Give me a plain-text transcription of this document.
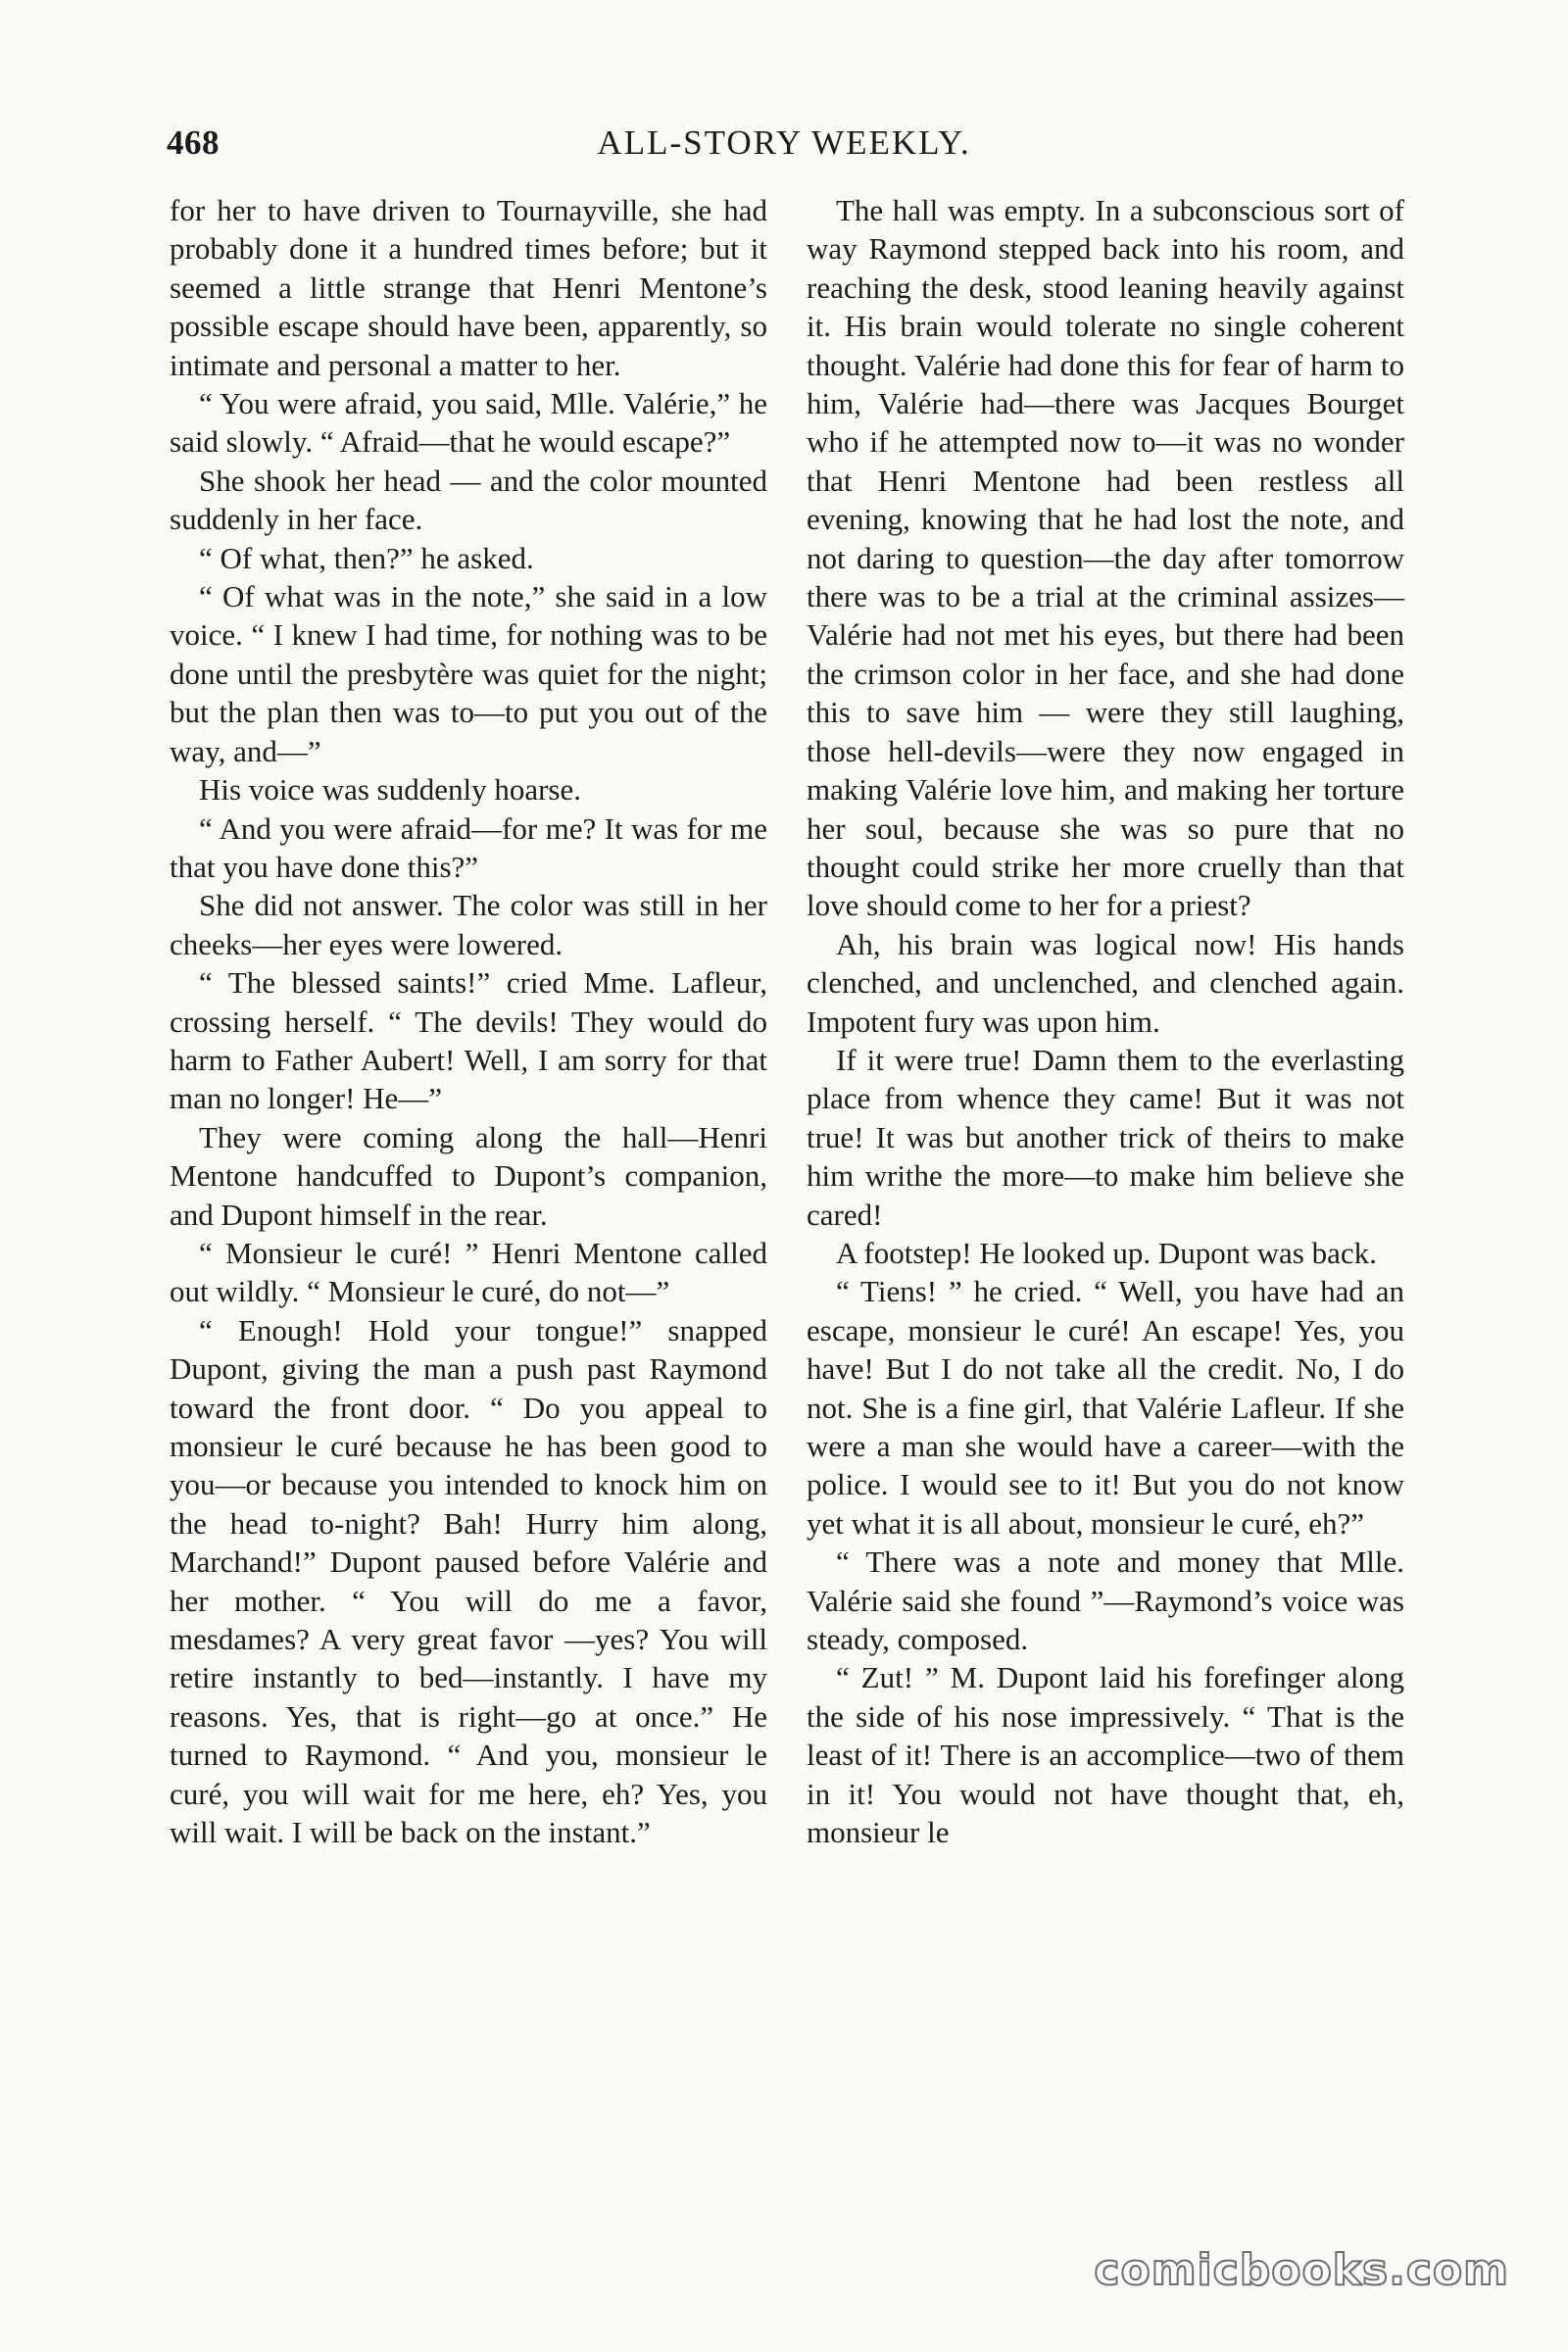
468	ALL-STORY WEEKLY.

for her to have driven to Tournayville, she had probably done it a hundred times before; but it seemed a little strange that Henri Mentone’s possible escape should have been, apparently, so intimate and personal a matter to her.

“ You were afraid, you said, Mlle. Valérie,” he said slowly. “ Afraid—that he would escape?”

She shook her head — and the color mounted suddenly in her face.

“ Of what, then?” he asked.

“ Of what was in the note,” she said in a low voice. “ I knew I had time, for nothing was to be done until the presbytère was quiet for the night; but the plan then was to—to put you out of the way, and—”

His voice was suddenly hoarse.

“ And you were afraid—for me? It was for me that you have done this?”

She did not answer. The color was still in her cheeks—her eyes were lowered.

“ The blessed saints!” cried Mme. Lafleur, crossing herself. “ The devils! They would do harm to Father Aubert! Well, I am sorry for that man no longer! He—”

They were coming along the hall—Henri Mentone handcuffed to Dupont’s companion, and Dupont himself in the rear.

“ Monsieur le curé! ” Henri Mentone called out wildly. “ Monsieur le curé, do not—”

“ Enough! Hold your tongue!” snapped Dupont, giving the man a push past Raymond toward the front door. “ Do you appeal to monsieur le curé because he has been good to you—or because you intended to knock him on the head to-night? Bah! Hurry him along, Marchand!” Dupont paused before Valérie and her mother. “ You will do me a favor, mesdames? A very great favor —yes? You will retire instantly to bed—instantly. I have my reasons. Yes, that is right—go at once.” He turned to Raymond. “ And you, monsieur le curé, you will wait for me here, eh? Yes, you will wait. I will be back on the instant.”

The hall was empty. In a subconscious sort of way Raymond stepped back into his room, and reaching the desk, stood leaning heavily against it. His brain would tolerate no single coherent thought. Valérie had done this for fear of harm to him, Valérie had—there was Jacques Bourget who if he attempted now to—it was no wonder that Henri Mentone had been restless all evening, knowing that he had lost the note, and not daring to question—the day after tomorrow there was to be a trial at the criminal assizes—Valérie had not met his eyes, but there had been the crimson color in her face, and she had done this to save him — were they still laughing, those hell-devils—were they now engaged in making Valérie love him, and making her torture her soul, because she was so pure that no thought could strike her more cruelly than that love should come to her for a priest?

Ah, his brain was logical now! His hands clenched, and unclenched, and clenched again. Impotent fury was upon him.

If it were true! Damn them to the everlasting place from whence they came! But it was not true! It was but another trick of theirs to make him writhe the more—to make him believe she cared!

A footstep! He looked up. Dupont was back.

“ Tiens! ” he cried. “ Well, you have had an escape, monsieur le curé! An escape! Yes, you have! But I do not take all the credit. No, I do not. She is a fine girl, that Valérie Lafleur. If she were a man she would have a career—with the police. I would see to it! But you do not know yet what it is all about, monsieur le curé, eh?”

“ There was a note and money that Mlle. Valérie said she found ”—Raymond’s voice was steady, composed.

“ Zut! ” M. Dupont laid his forefinger along the side of his nose impressively. “ That is the least of it! There is an accomplice—two of them in it! You would not have thought that, eh, monsieur le

comicbooks.com
